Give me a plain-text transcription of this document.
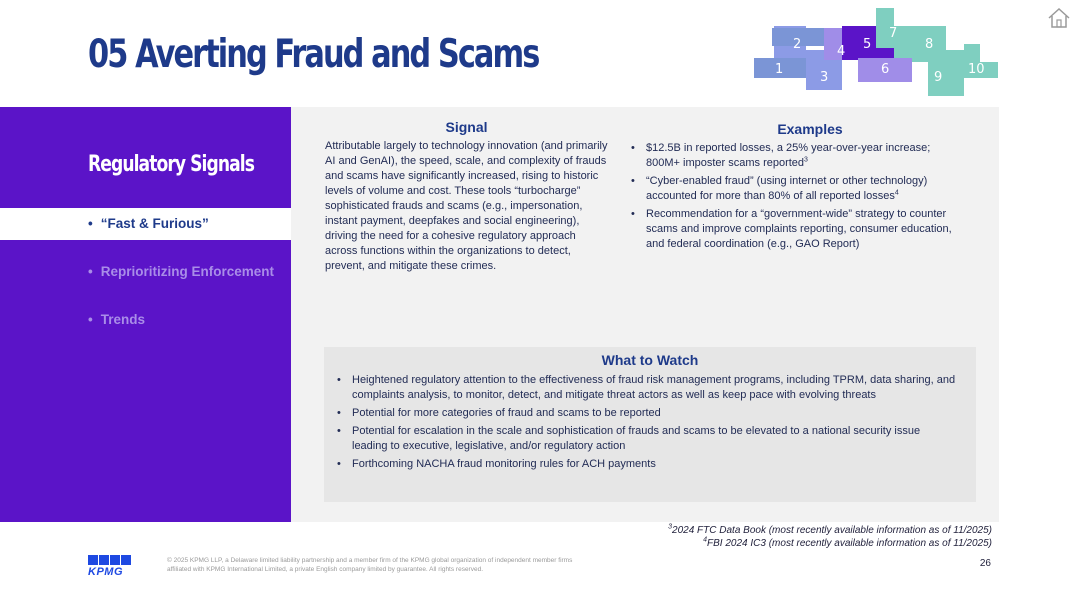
05 Averting Fraud and Scams	1
2
3
4 5
6
7
8
9
10
Regulatory Signals
• “Fast & Furious”
• Reprioritizing Enforcement
• Trends
Signal

Attributable largely to technology innovation (and primarily AI and GenAI), the speed, scale, and complexity of frauds and scams have significantly increased, rising to historic levels of volume and cost. These tools “turbocharge” sophisticated frauds and scams (e.g., impersonation, instant payment, deepfakes and social engineering), driving the need for a cohesive regulatory approach across functions within the organizations to detect, prevent, and mitigate these crimes.

Examples
• $12.5B in reported losses, a 25% year-over-year increase; 800M+ imposter scams reported$^3$
• “Cyber-enabled fraud” (using internet or other technology) accounted for more than 80% of all reported losses$^4$
• Recommendation for a “government-wide” strategy to counter scams and improve complaints reporting, consumer education, and federal coordination (e.g., GAO Report)
What to Watch
• Heightened regulatory attention to the effectiveness of fraud risk management programs, including TPRM, data sharing, and complaints analysis, to monitor, detect, and mitigate threat actors as well as keep pace with evolving threats
• Potential for more categories of fraud and scams to be reported
• Potential for escalation in the scale and sophistication of frauds and scams to be elevated to a national security issue leading to executive, legislative, and/or regulatory action
• Forthcoming NACHA fraud monitoring rules for ACH payments
$^3$2024 FTC Data Book (most recently available information as of 11/2025)
$^4$FBI 2024 IC3 (most recently available information as of 11/2025)
KPMG
© 2025 KPMG LLP, a Delaware limited liability partnership and a member firm of the KPMG global organization of independent member firms affiliated with KPMG International Limited, a private English company limited by guarantee. All rights reserved.
26
